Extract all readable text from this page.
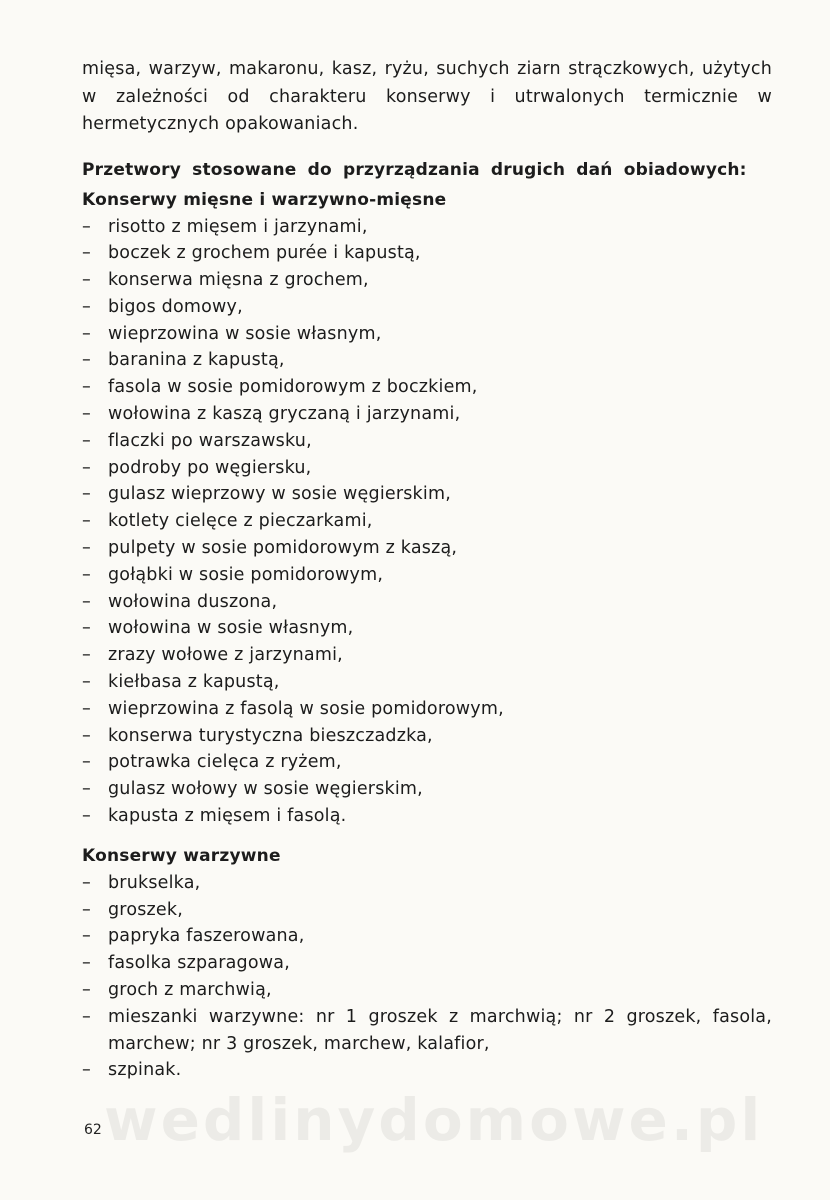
wedlinydomowe.pl

mięsa, warzyw, makaronu, kasz, ryżu, suchych ziarn strączkowych, użytych w zależności od charakteru konserwy i utrwalonych termicznie w hermetycznych opakowaniach.

Przetwory stosowane do przyrządzania drugich dań obiadowych:

Konserwy mięsne i warzywno-mięsne

– risotto z mięsem i jarzynami,
– boczek z grochem purée i kapustą,
– konserwa mięsna z grochem,
– bigos domowy,
– wieprzowina w sosie własnym,
– baranina z kapustą,
– fasola w sosie pomidorowym z boczkiem,
– wołowina z kaszą gryczaną i jarzynami,
– flaczki po warszawsku,
– podroby po węgiersku,
– gulasz wieprzowy w sosie węgierskim,
– kotlety cielęce z pieczarkami,
– pulpety w sosie pomidorowym z kaszą,
– gołąbki w sosie pomidorowym,
– wołowina duszona,
– wołowina w sosie własnym,
– zrazy wołowe z jarzynami,
– kiełbasa z kapustą,
– wieprzowina z fasolą w sosie pomidorowym,
– konserwa turystyczna bieszczadzka,
– potrawka cielęca z ryżem,
– gulasz wołowy w sosie węgierskim,
– kapusta z mięsem i fasolą.

Konserwy warzywne

– brukselka,
– groszek,
– papryka faszerowana,
– fasolka szparagowa,
– groch z marchwią,
– mieszanki warzywne: nr 1 groszek z marchwią; nr 2 groszek, fasola, marchew; nr 3 groszek, marchew, kalafior,
– szpinak.
62
